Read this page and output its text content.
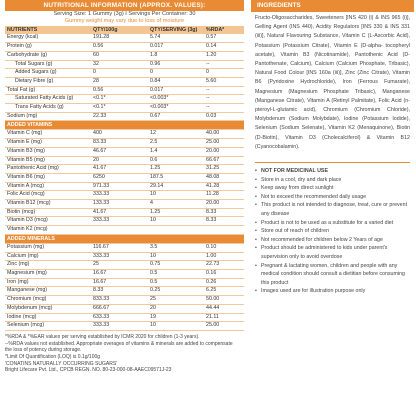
NUTRITIONAL INFORMATION (APPROX. VALUES):
Serving Size: 1 Gummy (3g) I Servings Per Container: 30
Gummy weight may vary due to loss of moisture
NUTRIENTS	QTY/100g	QTY/SERVING (3g)	%RDA*
Energy (kcal)	191.28	5.74	0.57
Protein (g)	0.56	0.017	0.14
Carbohydrate (g)	60	1.8	1.20
Total Sugars (g)	32	0.96	--
Added Sugars (g)	0	0	0
Dietary Fibre (g)	28	0.84	5.60
Total Fat (g)	0.56	0.017	--
Saturated Fatty Acids (g)	<0.1*	<0.003*	--
Trans Fatty Acids (g)	<0.1*	<0.003*	--
Sodium (mg)	22.33	0.67	0.03
ADDED VITAMINS			
Vitamin C (mg)	400	12	40.00
Vitamin E (mg)	83.33	2.5	25.00
Vitamin B3 (mg)	46.67	1.4	20.00
Vitamin B5 (mg)	20	0.6	66.67
Pantothenic Acid (mg)	41.67	1.25	31.25
Vitamin B6 (mg)	6250	187.5	48.08
Vitamin A (mcg)	971.33	29.14	41.28
Folic Acid (mcg)	333.33	10	11.28
Vitamin B12 (mcg)	133.33	4	20.00
Biotin (mcg)	41.67	1.25	8.33
Vitamin D3 (mcg)	333.33	10	8.33
Vitamin K2 (mcg)			
ADDED MINERALS			
Potassium (mg)	116.67	3.5	0.10
Calcium (mg)	333.33	10	1.00
Zinc (mg)	25	0.75	22.73
Magnesium (mg)	16.67	0.5	0.16
Iron (mg)	16.67	0.5	0.26
Manganese (mg)	8.33	0.25	6.25
Chromium (mcg)	833.33	25	50.00
Molybdenum (mcg)	666.67	20	44.44
Iodine (mcg)	633.33	19	21.11
Selenium (mcg)	333.33	10	25.00
*%RDA & *%EAR values per serving established by ICMR 2020 for children (1-3 years).
--%RDA values not established. Appropriate overages of vitamins & minerals are added to compensate
the loss of potency during storage.
*Limit Of Quantification (LOQ) is 0.1g/100g
'CONATINS NATURALLY OCCURRING SUGARS'
Bright Lifecare Pvt. Ltd., CPCB REGN. NO. 80-23-000-08-AAEC09571J-23
INGREDIENTS
Fructo-Oligosaccharides, Sweeteners [INS 420 (i) & INS 965 (i)], Gelling Agent (INS 440), Acidity Regulators [INS 330 & INS 331 (iii)], Natural Flavouring Substance, Vitamin C (L-Ascorbic Acid), Potassium (Potassium Citrate), Vitamin E (D-alpha- tocopheryl acetate), Vitamin B3 (Nicotinamide), Pantothenic Acid (D-Pantothenate, Calcium), Calcium (Calcium Phosphate, Tribasic), Natural Food Colour [INS 160a (iii)], Zinc (Zinc Citrate), Vitamin B6 (Pyridoxine Hydrochloride), Iron (Ferrous Fumarate), Magnesium (Magnesium Phosphate Tribasic), Manganese (Manganese Citrate), Vitamin A (Retinyl Palmitate), Folic Acid (n-pteroyl-L-glutamic acid), Chromium (Chromium Chloride), Molybdenum (Sodium Molybdate), Iodine (Potassium Iodide), Selenium (Sodium Selenate), Vitamin K2 (Menaquinone), Biotin (D-Biotin), Vitamin D3 (Cholecalciferol) & Vitamin B12 (Cyanocobalamin).
• NOT FOR MEDICINAL USE
• Store in a cool, dry and dark place
• Keep away from direct sunlight
• Not to exceed the recommended daily usage
• This product is not intended to diagnose, treat, cure or prevent any disease
• Product is not to be used as a substitute for a varied diet
• Store out of reach of children
• Not recommended for children below 2 Years of age
• Product should be administered to kids under parent's supervision only to avoid overdose
• Pregnant & lactating women, children and people with any medical condition should consult a dietitian before consuming this product
• Images used are for illustration purpose only
